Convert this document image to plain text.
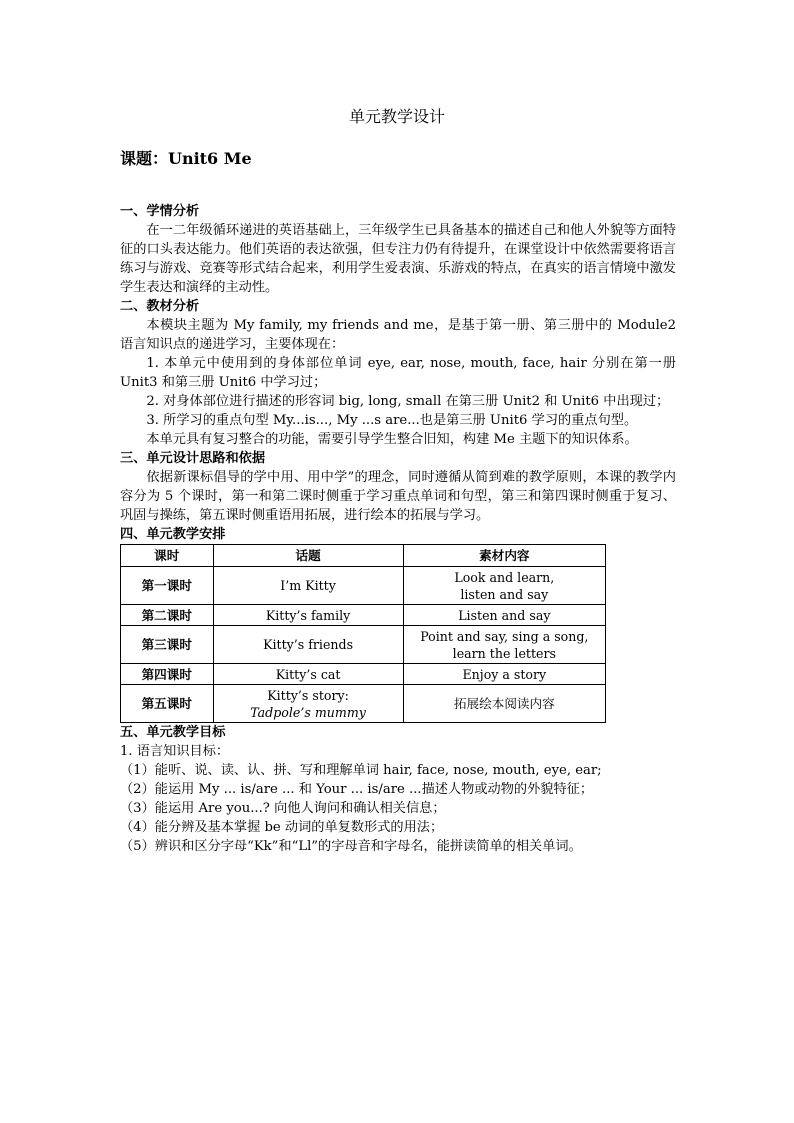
单元教学设计
课题：Unit6 Me

一、学情分析

在一二年级循环递进的英语基础上，三年级学生已具备基本的描述自己和他人外貌等方面特征的口头表达能力。他们英语的表达欲强，但专注力仍有待提升，在课堂设计中依然需要将语言练习与游戏、竞赛等形式结合起来，利用学生爱表演、乐游戏的特点，在真实的语言情境中激发学生表达和演绎的主动性。

二、教材分析

本模块主题为 My family, my friends and me，是基于第一册、第三册中的 Module2 语言知识点的递进学习，主要体现在：

1. 本单元中使用到的身体部位单词 eye, ear, nose, mouth, face, hair 分别在第一册 Unit3 和第三册 Unit6 中学习过；

2. 对身体部位进行描述的形容词 big, long, small 在第三册 Unit2 和 Unit6 中出现过；

3. 所学习的重点句型 My...is..., My ...s are...也是第三册 Unit6 学习的重点句型。

本单元具有复习整合的功能，需要引导学生整合旧知，构建 Me 主题下的知识体系。

三、单元设计思路和依据

依据新课标倡导的学中用、用中学”的理念，同时遵循从简到难的教学原则，本课的教学内容分为 5 个课时，第一和第二课时侧重于学习重点单词和句型，第三和第四课时侧重于复习、巩固与操练，第五课时侧重语用拓展，进行绘本的拓展与学习。

四、单元教学安排

课时	话题	素材内容
第一课时	I’m Kitty	Look and learn,
listen and say

第二课时	Kitty’s family	Listen and say
第三课时	Kitty’s friends	Point and say, sing a song,
learn the letters

第四课时	Kitty’s cat	Enjoy a story
第五课时	Kitty’s story:
Tadpole’s mummy	拓展绘本阅读内容

五、单元教学目标

1. 语言知识目标：

（1）能听、说、读、认、拼、写和理解单词 hair, face, nose, mouth, eye, ear;

（2）能运用 My ... is/are ... 和 Your ... is/are ...描述人物或动物的外貌特征；

（3）能运用 Are you...? 向他人询问和确认相关信息；

（4）能分辨及基本掌握 be 动词的单复数形式的用法；

（5）辨识和区分字母“Kk”和“Ll”的字母音和字母名，能拼读简单的相关单词。
